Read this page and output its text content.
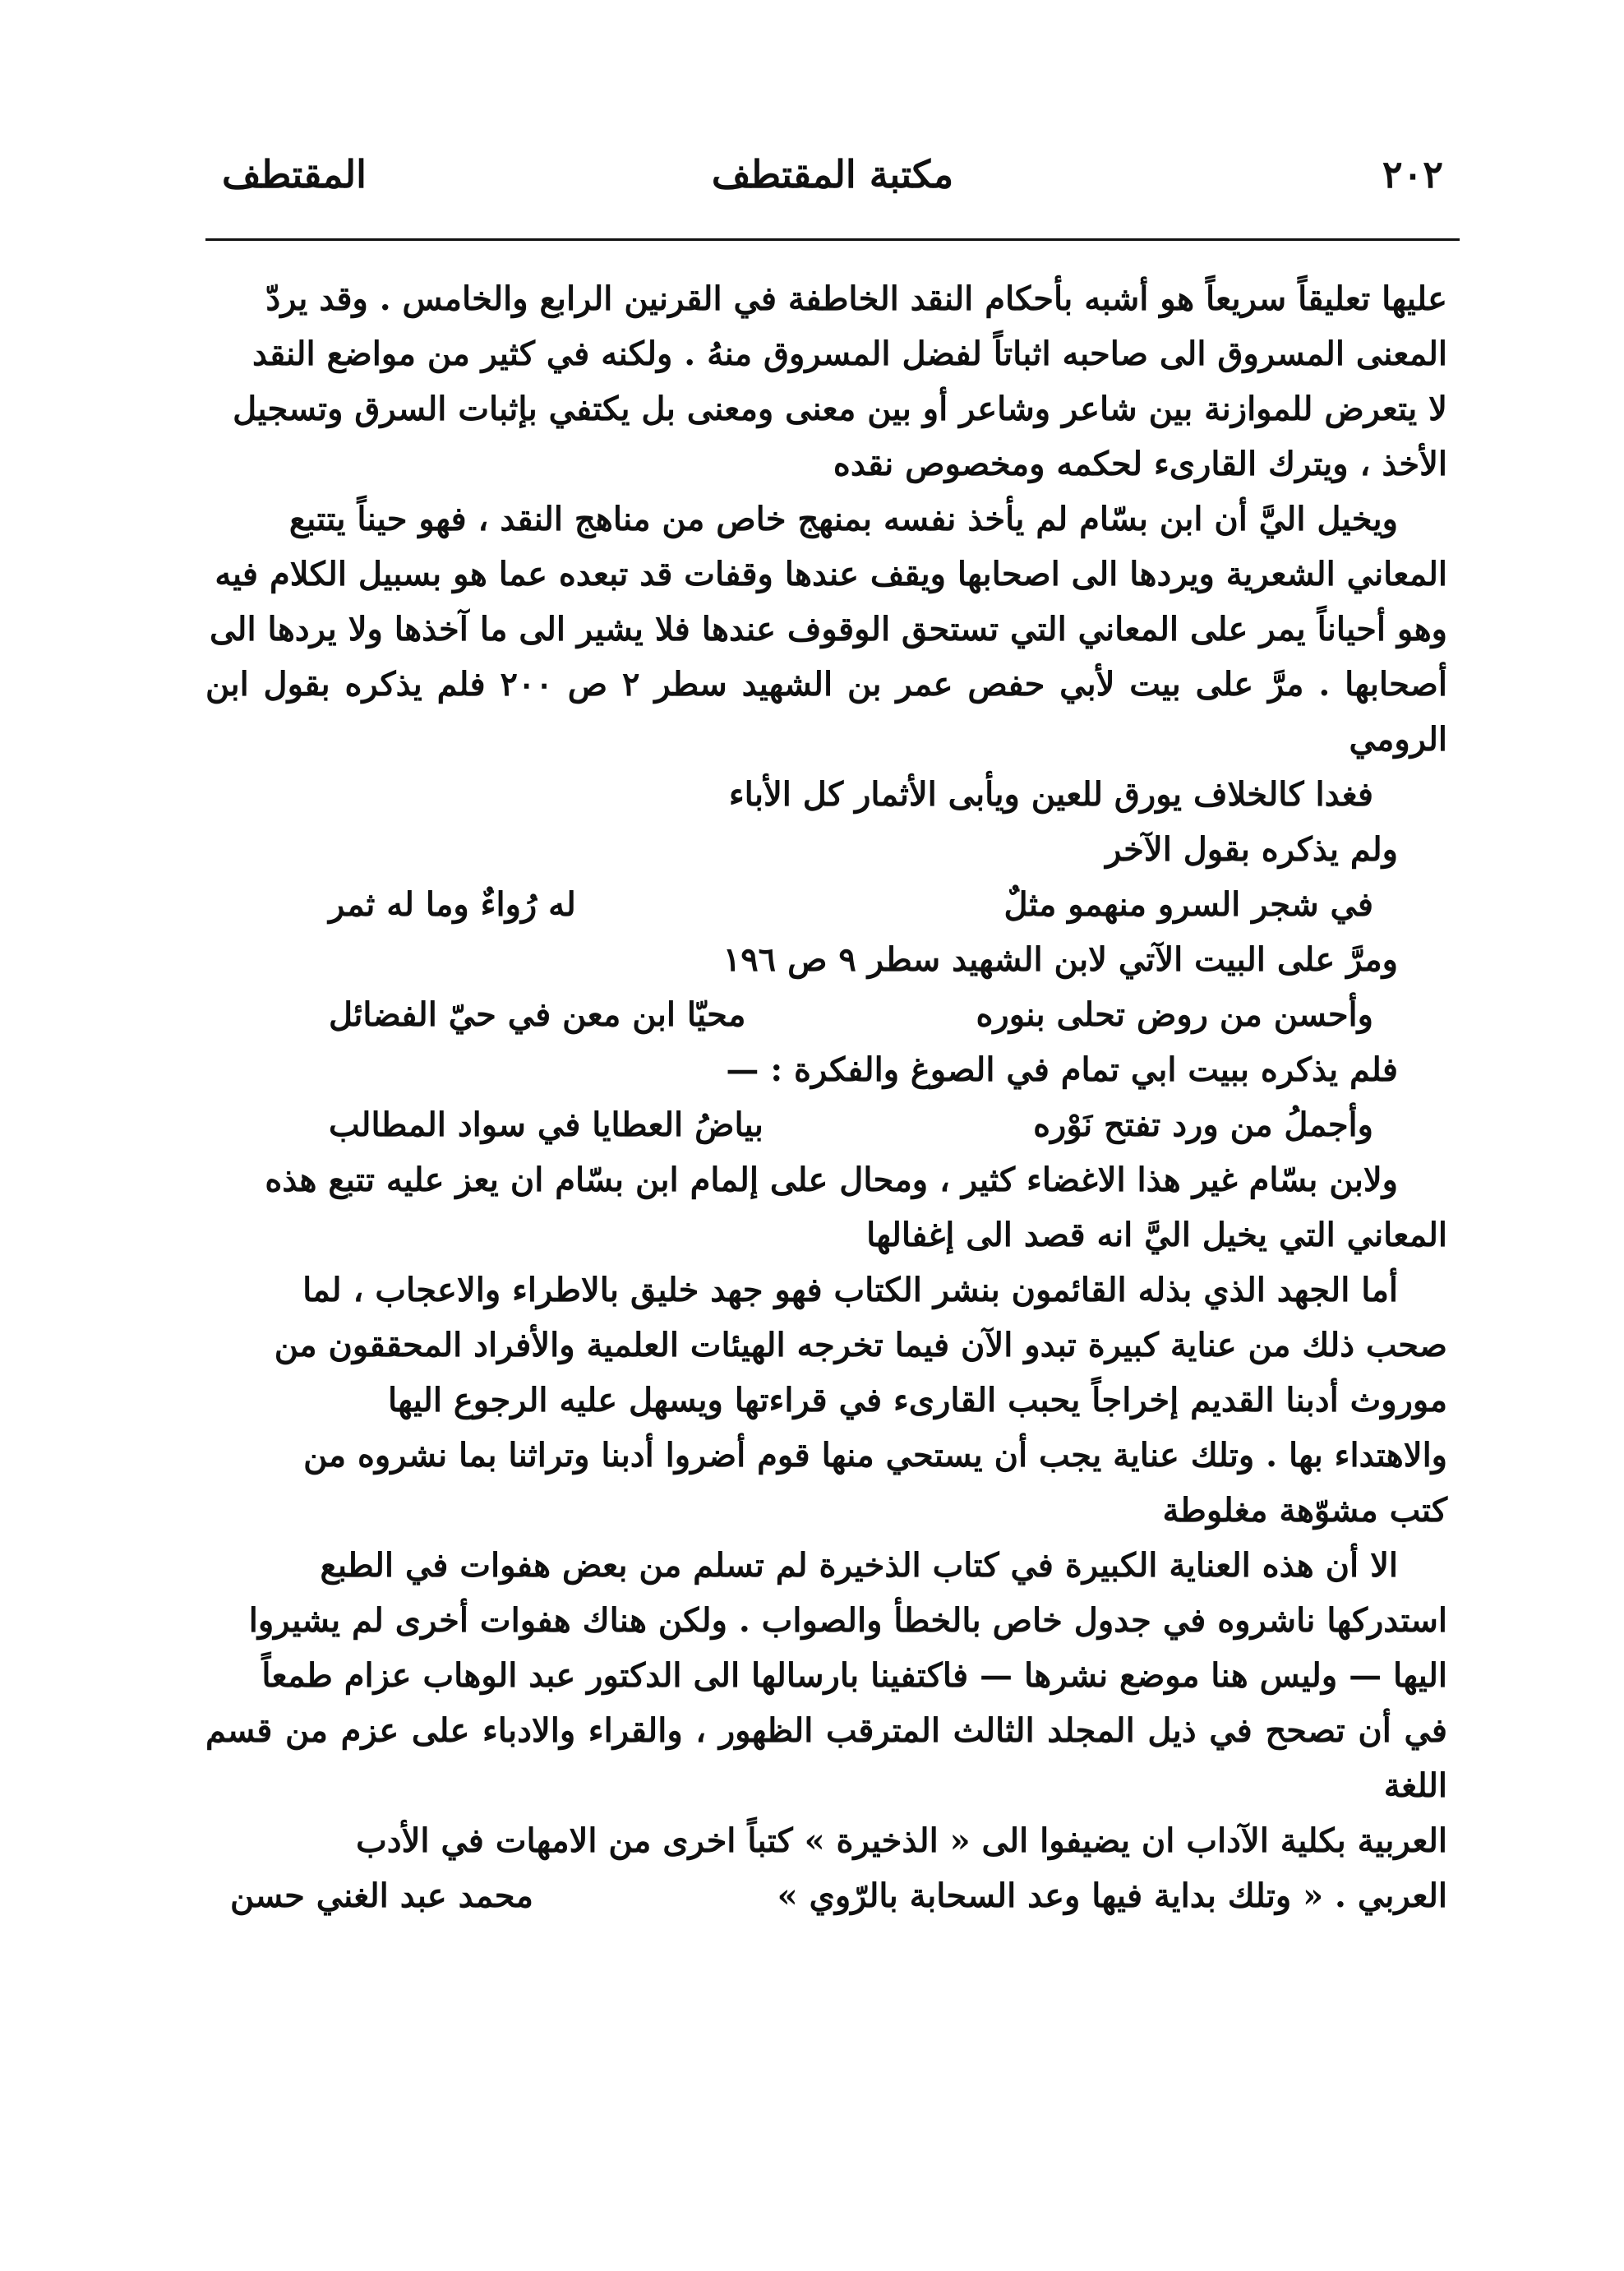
٢٠٢
مكتبة المقتطف
المقتطف

عليها تعليقاً سريعاً هو أشبه بأحكام النقد الخاطفة في القرنين الرابع والخامس . وقد يردّ

المعنى المسروق الى صاحبه اثباتاً لفضل المسروق منهُ . ولكنه في كثير من مواضع النقد

لا يتعرض للموازنة بين شاعر وشاعر أو بين معنى ومعنى بل يكتفي بإثبات السرق وتسجيل

الأخذ ، ويترك القارىء لحكمه ومخصوص نقده

ويخيل اليَّ أن ابن بسّام لم يأخذ نفسه بمنهج خاص من مناهج النقد ، فهو حيناً يتتبع

المعاني الشعرية ويردها الى اصحابها ويقف عندها وقفات قد تبعده عما هو بسبيل الكلام فيه

وهو أحياناً يمر على المعاني التي تستحق الوقوف عندها فلا يشير الى ما آخذها ولا يردها الى

أصحابها . مرَّ على بيت لأبي حفص عمر بن الشهيد سطر ٢ ص ٢٠٠ فلم يذكره بقول ابن الرومي

فغدا كالخلاف يورق للعين ويأبى الأثمار كل الأباء

ولم يذكره بقول الآخر

في شجر السرو منهمو مثلٌ
له رُواءٌ وما له ثمر

ومرَّ على البيت الآتي لابن الشهيد سطر ٩ ص ١٩٦

وأحسن من روض تحلى بنوره
محيّا ابن معن في حيّ الفضائل

فلم يذكره ببيت ابي تمام في الصوغ والفكرة : —

وأجملُ من ورد تفتح نَوْره
بياضُ العطايا في سواد المطالب

ولابن بسّام غير هذا الاغضاء كثير ، ومحال على إلمام ابن بسّام ان يعز عليه تتبع هذه

المعاني التي يخيل اليَّ انه قصد الى إغفالها

أما الجهد الذي بذله القائمون بنشر الكتاب فهو جهد خليق بالاطراء والاعجاب ، لما

صحب ذلك من عناية كبيرة تبدو الآن فيما تخرجه الهيئات العلمية والأفراد المحققون من

موروث أدبنا القديم إخراجاً يحبب القارىء في قراءتها ويسهل عليه الرجوع اليها

والاهتداء بها . وتلك عناية يجب أن يستحي منها قوم أضروا أدبنا وتراثنا بما نشروه من

كتب مشوّهة مغلوطة

الا أن هذه العناية الكبيرة في كتاب الذخيرة لم تسلم من بعض هفوات في الطبع

استدركها ناشروه في جدول خاص بالخطأ والصواب . ولكن هناك هفوات أخرى لم يشيروا

اليها — وليس هنا موضع نشرها — فاكتفينا بارسالها الى الدكتور عبد الوهاب عزام طمعاً

في أن تصحح في ذيل المجلد الثالث المترقب الظهور ، والقراء والادباء على عزم من قسم اللغة

العربية بكلية الآداب ان يضيفوا الى « الذخيرة » كتباً اخرى من الامهات في الأدب

العربي . « وتلك بداية فيها وعد السحابة بالرّوي »
محمد عبد الغني حسن
